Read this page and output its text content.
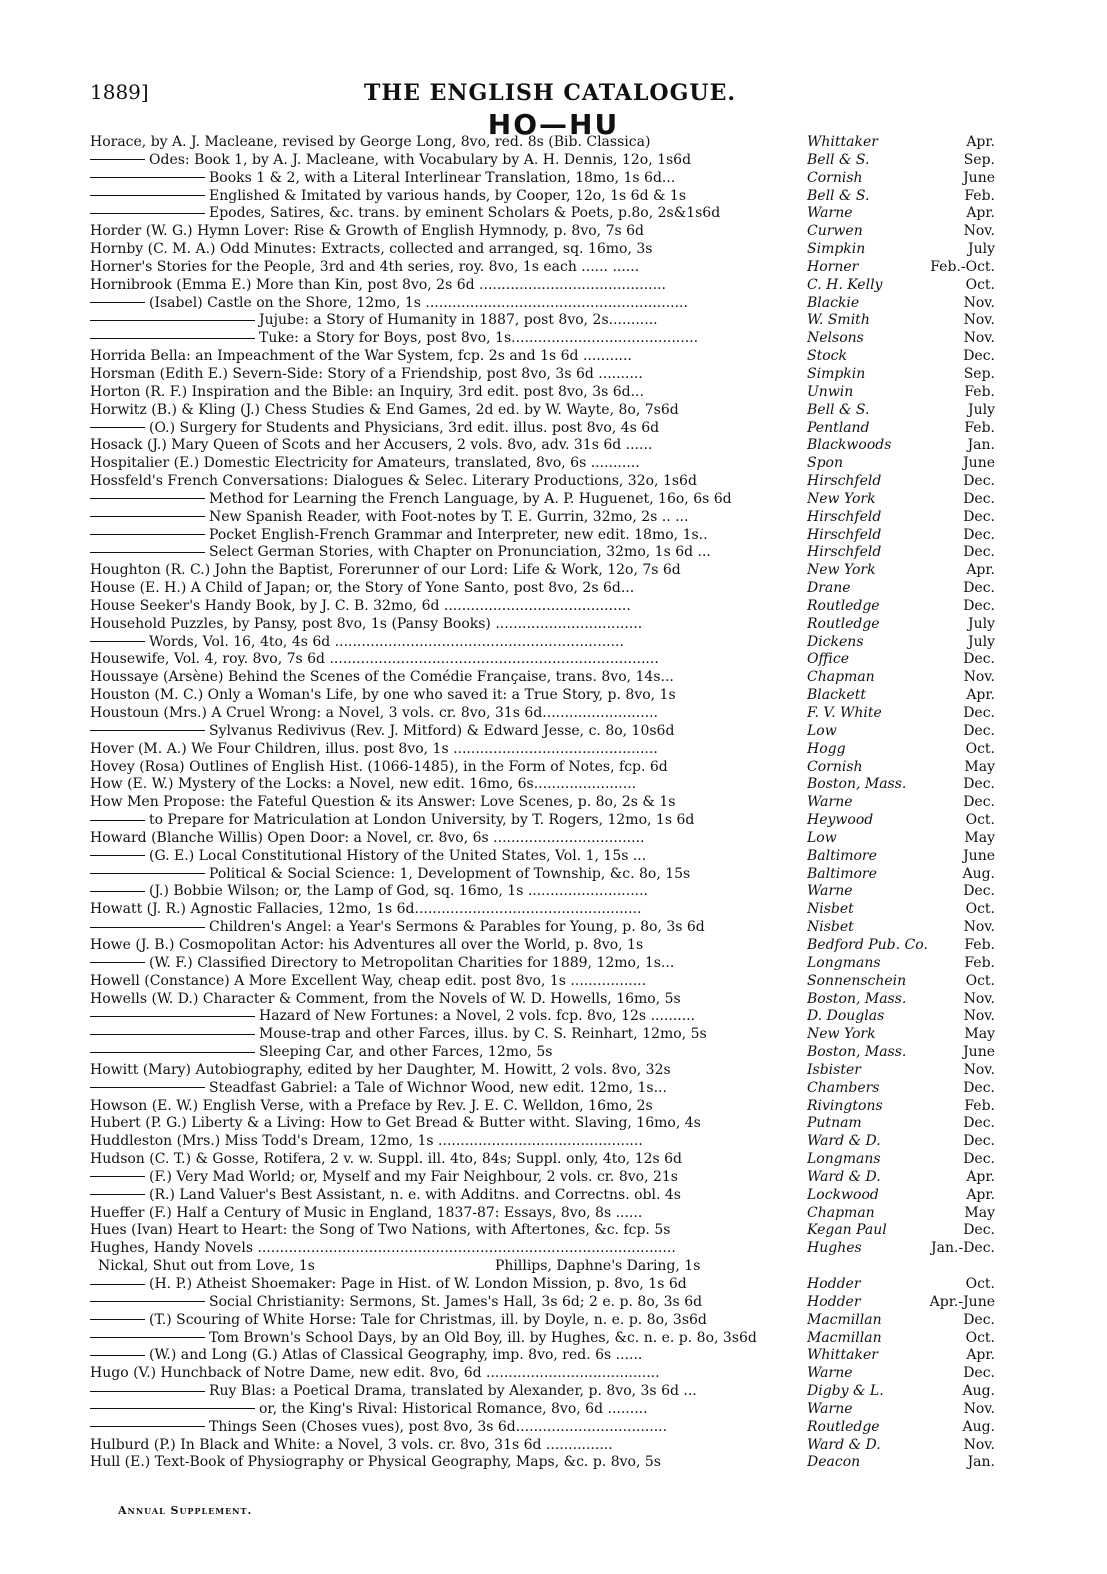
1889]	THE ENGLISH CATALOGUE.
HO—HU
Horace, by A. J. Macleane, revised by George Long, 8vo, red. 8s (Bib. Classica)	Whittaker	Apr.
Odes: Book 1, by A. J. Macleane, with Vocabulary by A. H. Dennis, 12o, 1s6d	Bell & S.	Sep.
Books 1 & 2, with a Literal Interlinear Translation, 18mo, 1s 6d...	Cornish	June
Englished & Imitated by various hands, by Cooper, 12o, 1s 6d & 1s	Bell & S.	Feb.
Epodes, Satires, &c. trans. by eminent Scholars & Poets, p.8o, 2s&1s6d	Warne	Apr.
Horder (W. G.) Hymn Lover: Rise & Growth of English Hymnody, p. 8vo, 7s 6d	Curwen	Nov.
Hornby (C. M. A.) Odd Minutes: Extracts, collected and arranged, sq. 16mo, 3s	Simpkin	July
Horner's Stories for the People, 3rd and 4th series, roy. 8vo, 1s each ...... ......	Horner	Feb.-Oct.
Hornibrook (Emma E.) More than Kin, post 8vo, 2s 6d ..........................................	C. H. Kelly	Oct.
(Isabel) Castle on the Shore, 12mo, 1s ...........................................................	Blackie	Nov.
Jujube: a Story of Humanity in 1887, post 8vo, 2s...........	W. Smith	Nov.
Tuke: a Story for Boys, post 8vo, 1s..........................................	Nelsons	Nov.
Horrida Bella: an Impeachment of the War System, fcp. 2s and 1s 6d ...........	Stock	Dec.
Horsman (Edith E.) Severn-Side: Story of a Friendship, post 8vo, 3s 6d ..........	Simpkin	Sep.
Horton (R. F.) Inspiration and the Bible: an Inquiry, 3rd edit. post 8vo, 3s 6d...	Unwin	Feb.
Horwitz (B.) & Kling (J.) Chess Studies & End Games, 2d ed. by W. Wayte, 8o, 7s6d	Bell & S.	July
(O.) Surgery for Students and Physicians, 3rd edit. illus. post 8vo, 4s 6d	Pentland	Feb.
Hosack (J.) Mary Queen of Scots and her Accusers, 2 vols. 8vo, adv. 31s 6d ......	Blackwoods	Jan.
Hospitalier (E.) Domestic Electricity for Amateurs, translated, 8vo, 6s ...........	Spon	June
Hossfeld's French Conversations: Dialogues & Selec. Literary Productions, 32o, 1s6d	Hirschfeld	Dec.
Method for Learning the French Language, by A. P. Huguenet, 16o, 6s 6d	New York	Dec.
New Spanish Reader, with Foot-notes by T. E. Gurrin, 32mo, 2s .. ...	Hirschfeld	Dec.
Pocket English-French Grammar and Interpreter, new edit. 18mo, 1s..	Hirschfeld	Dec.
Select German Stories, with Chapter on Pronunciation, 32mo, 1s 6d ...	Hirschfeld	Dec.
Houghton (R. C.) John the Baptist, Forerunner of our Lord: Life & Work, 12o, 7s 6d	New York	Apr.
House (E. H.) A Child of Japan; or, the Story of Yone Santo, post 8vo, 2s 6d...	Drane	Dec.
House Seeker's Handy Book, by J. C. B. 32mo, 6d ..........................................	Routledge	Dec.
Household Puzzles, by Pansy, post 8vo, 1s (Pansy Books) .................................	Routledge	July
Words, Vol. 16, 4to, 4s 6d .................................................................	Dickens	July
Housewife, Vol. 4, roy. 8vo, 7s 6d ..........................................................................	Office	Dec.
Houssaye (Arsène) Behind the Scenes of the Comédie Française, trans. 8vo, 14s...	Chapman	Nov.
Houston (M. C.) Only a Woman's Life, by one who saved it: a True Story, p. 8vo, 1s	Blackett	Apr.
Houstoun (Mrs.) A Cruel Wrong: a Novel, 3 vols. cr. 8vo, 31s 6d..........................	F. V. White	Dec.
Sylvanus Redivivus (Rev. J. Mitford) & Edward Jesse, c. 8o, 10s6d	Low	Dec.
Hover (M. A.) We Four Children, illus. post 8vo, 1s ..............................................	Hogg	Oct.
Hovey (Rosa) Outlines of English Hist. (1066-1485), in the Form of Notes, fcp. 6d	Cornish	May
How (E. W.) Mystery of the Locks: a Novel, new edit. 16mo, 6s.......................	Boston, Mass.	Dec.
How Men Propose: the Fateful Question & its Answer: Love Scenes, p. 8o, 2s & 1s	Warne	Dec.
to Prepare for Matriculation at London University, by T. Rogers, 12mo, 1s 6d	Heywood	Oct.
Howard (Blanche Willis) Open Door: a Novel, cr. 8vo, 6s ..................................	Low	May
(G. E.) Local Constitutional History of the United States, Vol. 1, 15s ...	Baltimore	June
Political & Social Science: 1, Development of Township, &c. 8o, 15s	Baltimore	Aug.
(J.) Bobbie Wilson; or, the Lamp of God, sq. 16mo, 1s ...........................	Warne	Dec.
Howatt (J. R.) Agnostic Fallacies, 12mo, 1s 6d...................................................	Nisbet	Oct.
Children's Angel: a Year's Sermons & Parables for Young, p. 8o, 3s 6d	Nisbet	Nov.
Howe (J. B.) Cosmopolitan Actor: his Adventures all over the World, p. 8vo, 1s	Bedford Pub. Co.	Feb.
(W. F.) Classified Directory to Metropolitan Charities for 1889, 12mo, 1s...	Longmans	Feb.
Howell (Constance) A More Excellent Way, cheap edit. post 8vo, 1s .................	Sonnenschein	Oct.
Howells (W. D.) Character & Comment, from the Novels of W. D. Howells, 16mo, 5s	Boston, Mass.	Nov.
Hazard of New Fortunes: a Novel, 2 vols. fcp. 8vo, 12s ..........	D. Douglas	Nov.
Mouse-trap and other Farces, illus. by C. S. Reinhart, 12mo, 5s	New York	May
Sleeping Car, and other Farces, 12mo, 5s	Boston, Mass.	June
Howitt (Mary) Autobiography, edited by her Daughter, M. Howitt, 2 vols. 8vo, 32s	Isbister	Nov.
Steadfast Gabriel: a Tale of Wichnor Wood, new edit. 12mo, 1s...	Chambers	Dec.
Howson (E. W.) English Verse, with a Preface by Rev. J. E. C. Welldon, 16mo, 2s	Rivingtons	Feb.
Hubert (P. G.) Liberty & a Living: How to Get Bread & Butter witht. Slaving, 16mo, 4s	Putnam	Dec.
Huddleston (Mrs.) Miss Todd's Dream, 12mo, 1s ..............................................	Ward & D.	Dec.
Hudson (C. T.) & Gosse, Rotifera, 2 v. w. Suppl. ill. 4to, 84s; Suppl. only, 4to, 12s 6d	Longmans	Dec.
(F.) Very Mad World; or, Myself and my Fair Neighbour, 2 vols. cr. 8vo, 21s	Ward & D.	Apr.
(R.) Land Valuer's Best Assistant, n. e. with Additns. and Correctns. obl. 4s	Lockwood	Apr.
Hueffer (F.) Half a Century of Music in England, 1837-87: Essays, 8vo, 8s ......	Chapman	May
Hues (Ivan) Heart to Heart: the Song of Two Nations, with Aftertones, &c. fcp. 5s	Kegan Paul	Dec.
Hughes, Handy Novels ..............................................................................................	Hughes	Jan.-Dec.
Nickal, Shut out from Love, 1s	Phillips, Daphne's Daring, 1s
(H. P.) Atheist Shoemaker: Page in Hist. of W. London Mission, p. 8vo, 1s 6d	Hodder	Oct.
Social Christianity: Sermons, St. James's Hall, 3s 6d; 2 e. p. 8o, 3s 6d	Hodder	Apr.-June
(T.) Scouring of White Horse: Tale for Christmas, ill. by Doyle, n. e. p. 8o, 3s6d	Macmillan	Dec.
Tom Brown's School Days, by an Old Boy, ill. by Hughes, &c. n. e. p. 8o, 3s6d	Macmillan	Oct.
(W.) and Long (G.) Atlas of Classical Geography, imp. 8vo, red. 6s ......	Whittaker	Apr.
Hugo (V.) Hunchback of Notre Dame, new edit. 8vo, 6d .......................................	Warne	Dec.
Ruy Blas: a Poetical Drama, translated by Alexander, p. 8vo, 3s 6d ...	Digby & L.	Aug.
or, the King's Rival: Historical Romance, 8vo, 6d .........	Warne	Nov.
Things Seen (Choses vues), post 8vo, 3s 6d..................................	Routledge	Aug.
Hulburd (P.) In Black and White: a Novel, 3 vols. cr. 8vo, 31s 6d ...............	Ward & D.	Nov.
Hull (E.) Text-Book of Physiography or Physical Geography, Maps, &c. p. 8vo, 5s	Deacon	Jan.
Annual Supplement.
